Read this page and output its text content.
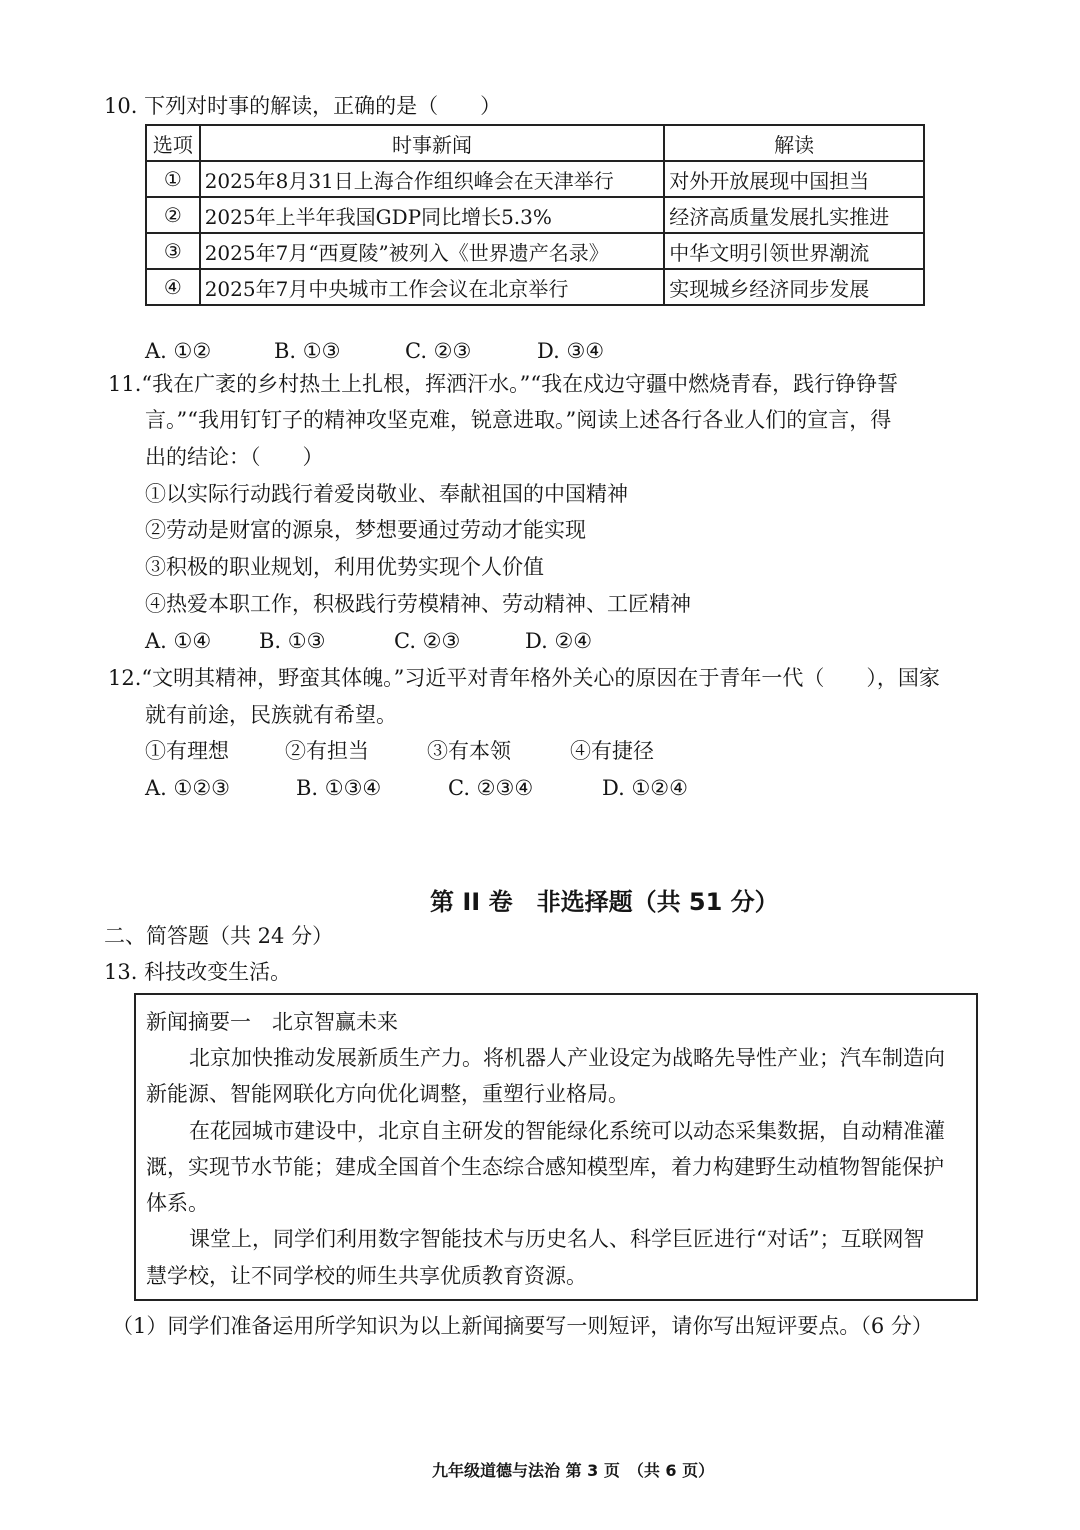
10. 下列对时事的解读，正确的是（　　）
选项	时事新闻	解读
①	2025年8月31日上海合作组织峰会在天津举行	对外开放展现中国担当
②	2025年上半年我国GDP同比增长5.3%	经济高质量发展扎实推进
③	2025年7月“西夏陵”被列入《世界遗产名录》	中华文明引领世界潮流
④	2025年7月中央城市工作会议在北京举行	实现城乡经济同步发展
A. ①②	B. ①③	C. ②③	D. ③④
11.“我在广袤的乡村热土上扎根，挥洒汗水。”“我在戍边守疆中燃烧青春，践行铮铮誓
言。”“我用钉钉子的精神攻坚克难，锐意进取。”阅读上述各行各业人们的宣言，得
出的结论：（　　）
①以实际行动践行着爱岗敬业、奉献祖国的中国精神
②劳动是财富的源泉，梦想要通过劳动才能实现
③积极的职业规划，利用优势实现个人价值
④热爱本职工作，积极践行劳模精神、劳动精神、工匠精神
A. ①④ B. ①③	C. ②③	D. ②④
12.“文明其精神，野蛮其体魄。”习近平对青年格外关心的原因在于青年一代（　　），国家
就有前途，民族就有希望。
①有理想	②有担当	③有本领	④有捷径
A. ①②③	B. ①③④	C. ②③④	D. ①②④
第 II 卷　非选择题（共 51 分）
二、简答题（共 24 分）
13. 科技改变生活。
新闻摘要一　北京智赢未来
北京加快推动发展新质生产力。将机器人产业设定为战略先导性产业；汽车制造向
新能源、智能网联化方向优化调整，重塑行业格局。
在花园城市建设中，北京自主研发的智能绿化系统可以动态采集数据，自动精准灌
溉，实现节水节能；建成全国首个生态综合感知模型库，着力构建野生动植物智能保护
体系。
课堂上，同学们利用数字智能技术与历史名人、科学巨匠进行“对话”；互联网智
慧学校，让不同学校的师生共享优质教育资源。
（1）同学们准备运用所学知识为以上新闻摘要写一则短评，请你写出短评要点。（6 分）
九年级道德与法治 第 3 页　（共 6 页）
